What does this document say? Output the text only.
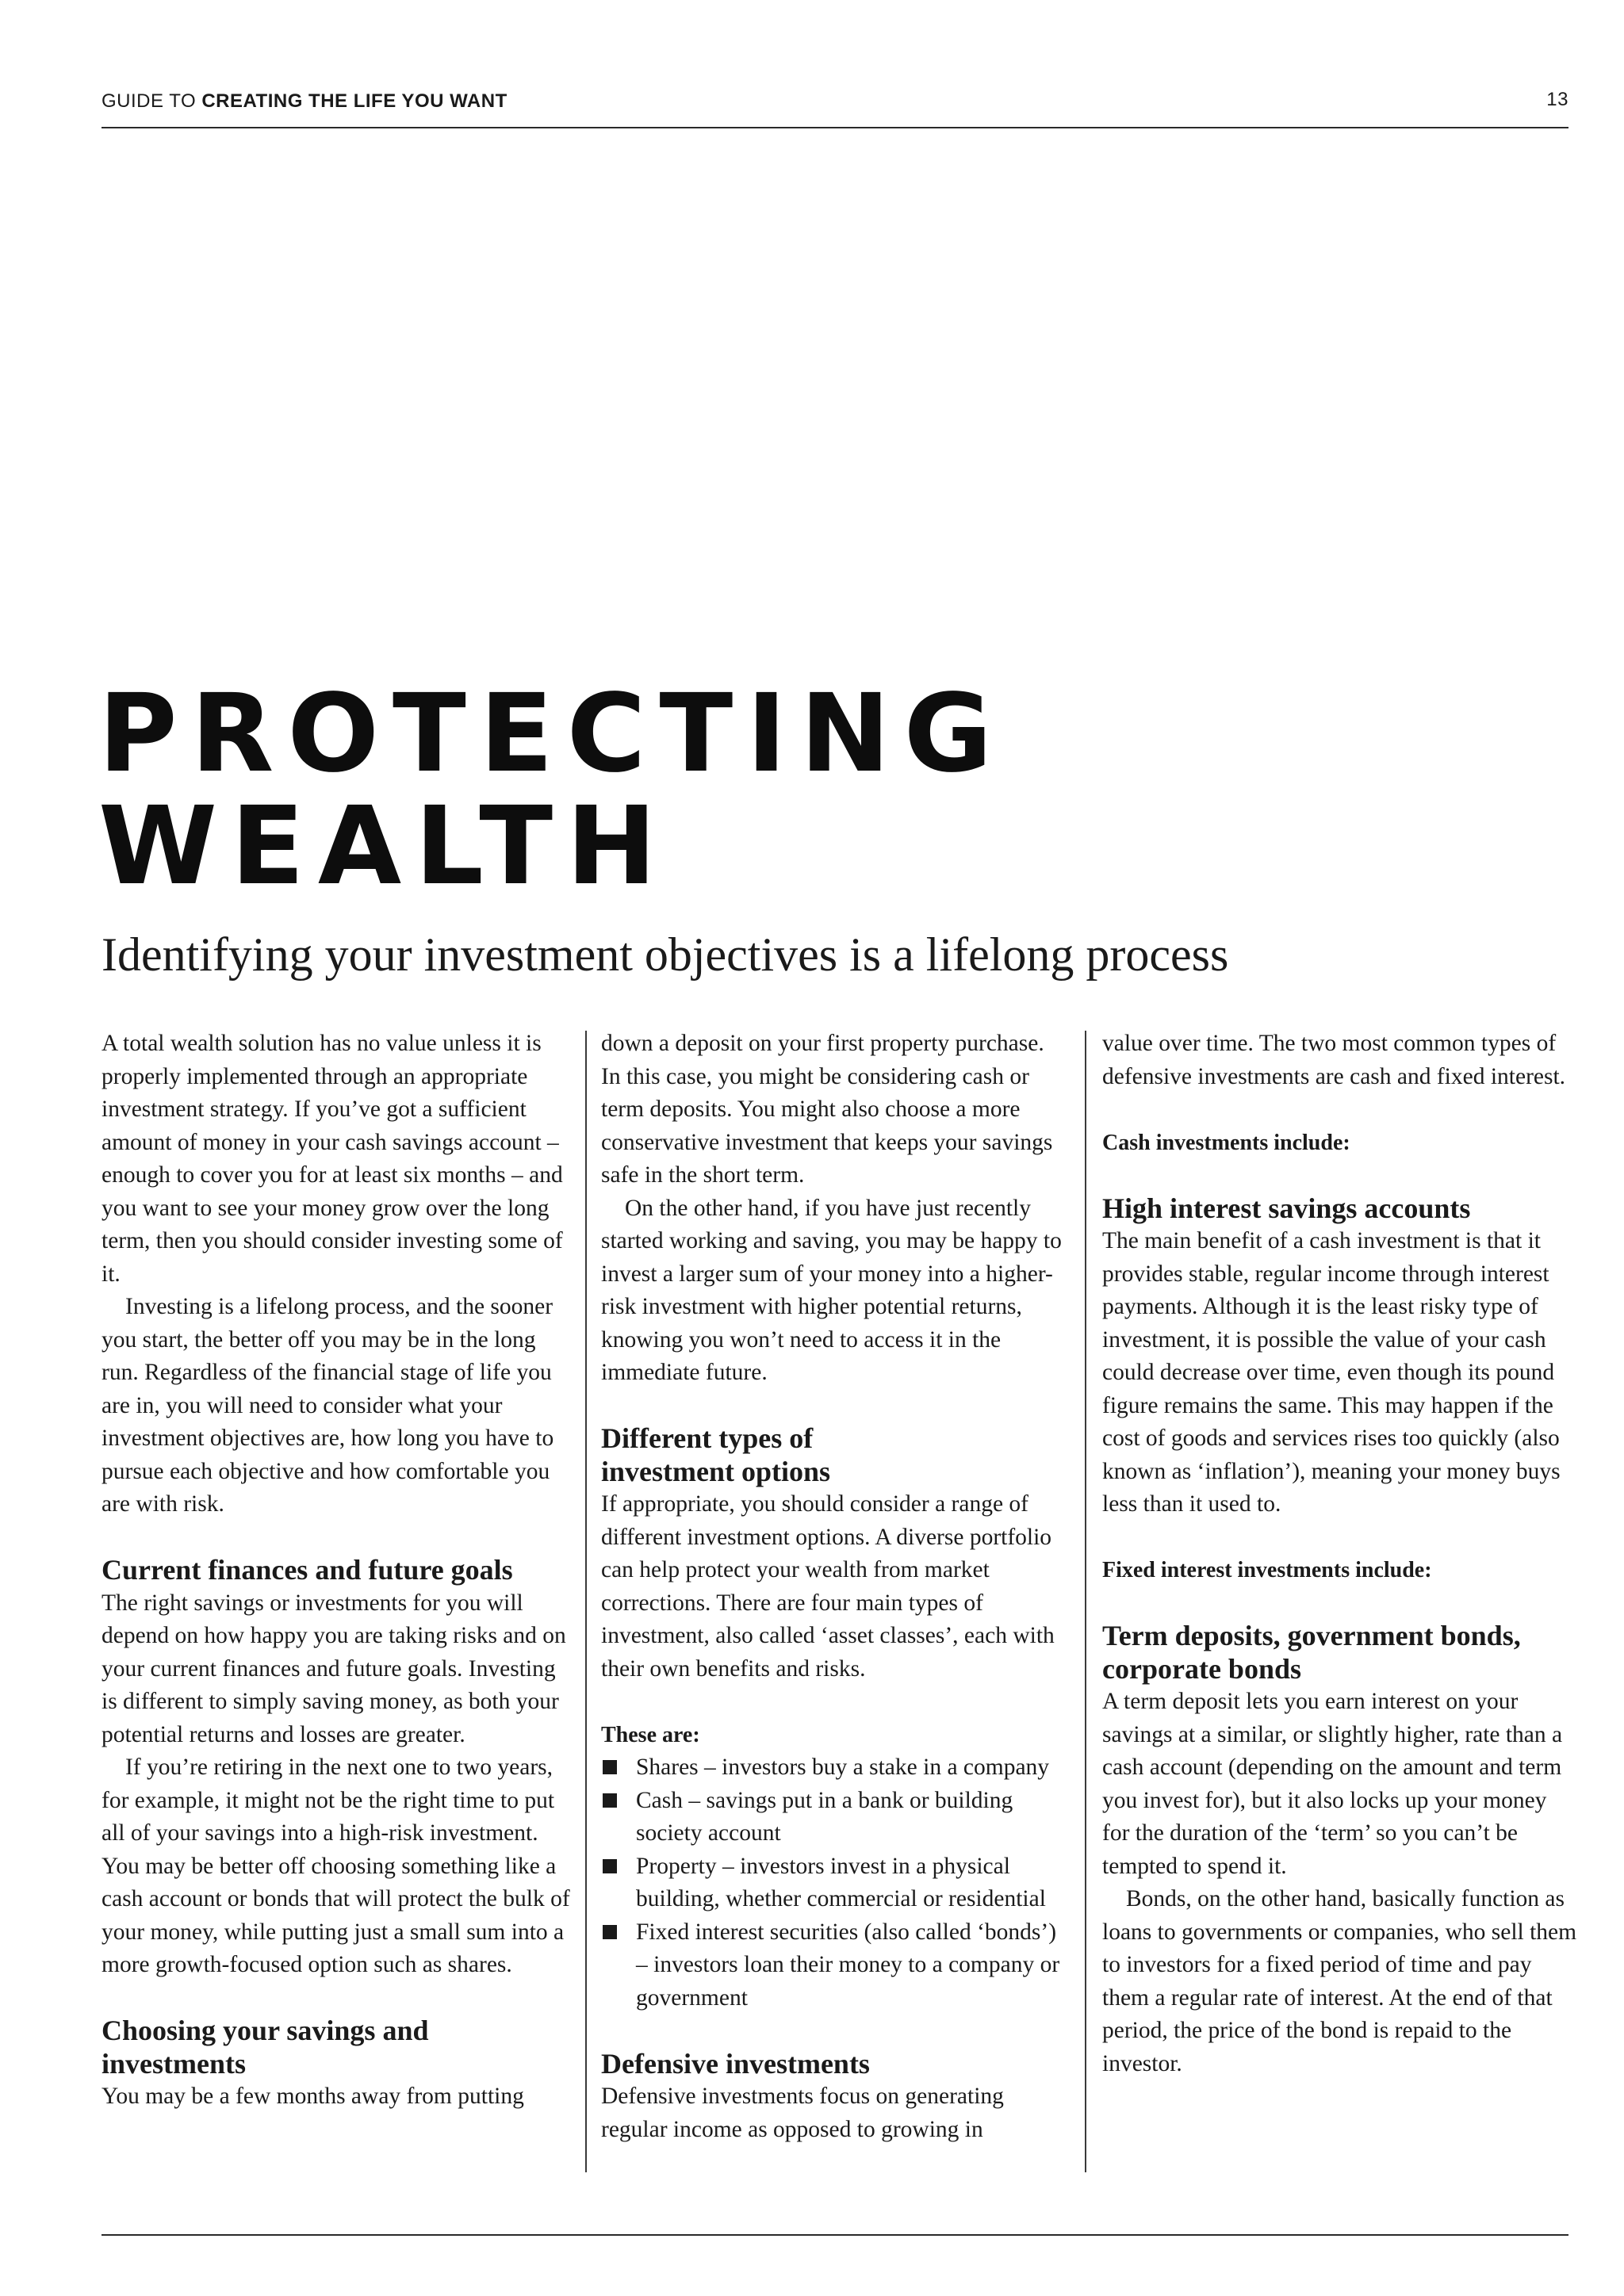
GUIDE TO CREATING THE LIFE YOU WANT	13
PROTECTING
WEALTH
Identifying your investment objectives is a lifelong process

A total wealth solution has no value unless it is properly implemented through an appropriate investment strategy. If you’ve got a sufficient amount of money in your cash savings account – enough to cover you for at least six months – and you want to see your money grow over the long term, then you should consider investing some of it.

Investing is a lifelong process, and the sooner you start, the better off you may be in the long run. Regardless of the financial stage of life you are in, you will need to consider what your investment objectives are, how long you have to pursue each objective and how comfortable you are with risk.

Current finances and future goals

The right savings or investments for you will depend on how happy you are taking risks and on your current finances and future goals. Investing is different to simply saving money, as both your potential returns and losses are greater.

If you’re retiring in the next one to two years, for example, it might not be the right time to put all of your savings into a high-risk investment. You may be better off choosing something like a cash account or bonds that will protect the bulk of your money, while putting just a small sum into a more growth-focused option such as shares.

Choosing your savings and investments

You may be a few months away from putting

down a deposit on your first property purchase. In this case, you might be considering cash or term deposits. You might also choose a more conservative investment that keeps your savings safe in the short term.

On the other hand, if you have just recently started working and saving, you may be happy to invest a larger sum of your money into a higher-risk investment with higher potential returns, knowing you won’t need to access it in the immediate future.

Different types of investment options

If appropriate, you should consider a range of different investment options. A diverse portfolio can help protect your wealth from market corrections. There are four main types of investment, also called ‘asset classes’, each with their own benefits and risks.

These are:
Shares – investors buy a stake in a company
Cash – savings put in a bank or building society account
Property – investors invest in a physical building, whether commercial or residential
Fixed interest securities (also called ‘bonds’) – investors loan their money to a company or government
Defensive investments

Defensive investments focus on generating regular income as opposed to growing in

value over time. The two most common types of defensive investments are cash and fixed interest.

Cash investments include:
High interest savings accounts

The main benefit of a cash investment is that it provides stable, regular income through interest payments. Although it is the least risky type of investment, it is possible the value of your cash could decrease over time, even though its pound figure remains the same. This may happen if the cost of goods and services rises too quickly (also known as ‘inflation’), meaning your money buys less than it used to.

Fixed interest investments include:
Term deposits, government bonds, corporate bonds

A term deposit lets you earn interest on your savings at a similar, or slightly higher, rate than a cash account (depending on the amount and term you invest for), but it also locks up your money for the duration of the ‘term’ so you can’t be tempted to spend it.

Bonds, on the other hand, basically function as loans to governments or companies, who sell them to investors for a fixed period of time and pay them a regular rate of interest. At the end of that period, the price of the bond is repaid to the investor.
